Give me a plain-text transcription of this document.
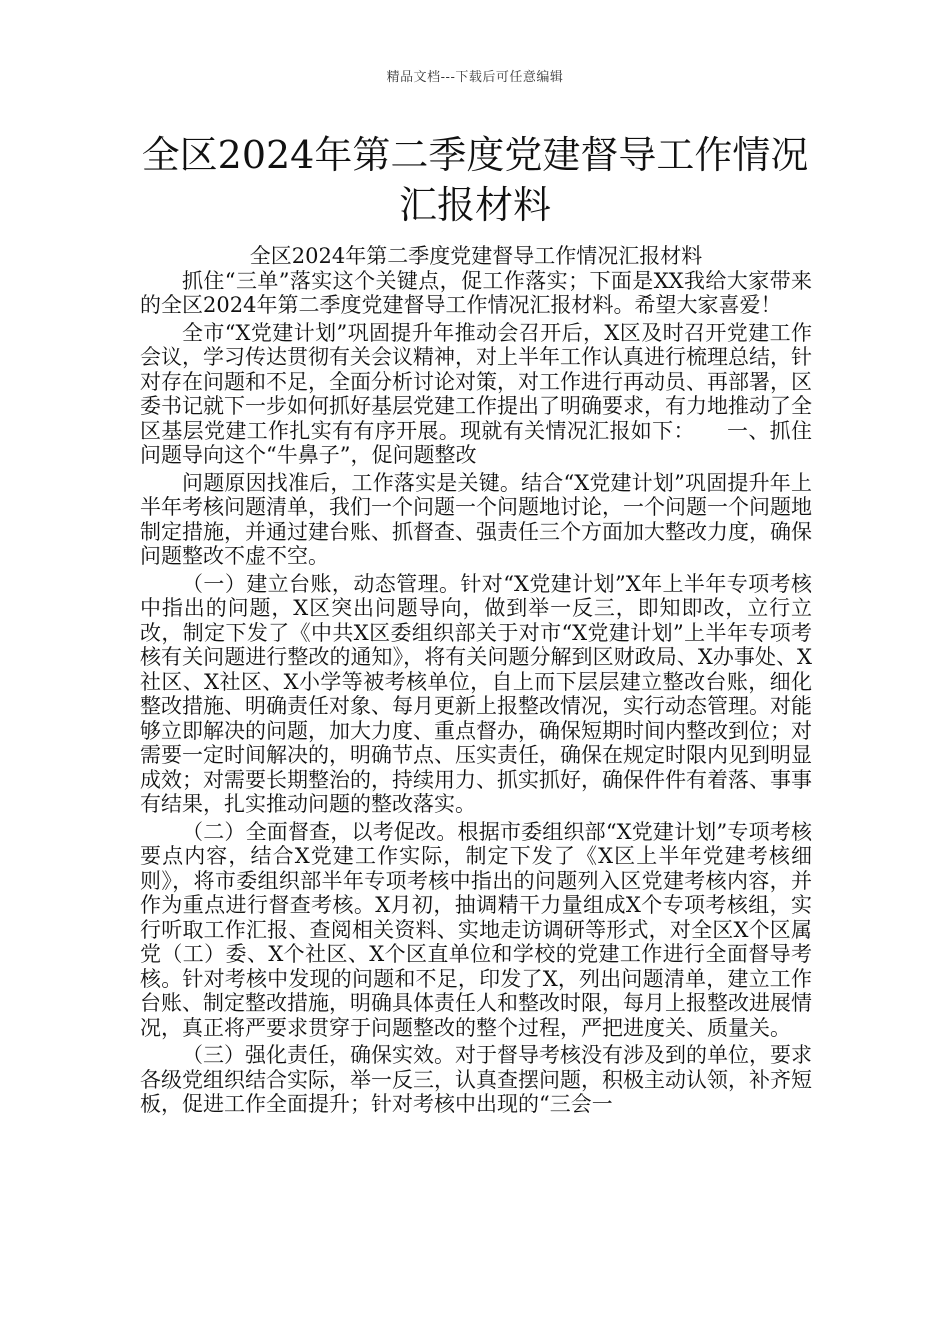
精品文档---下载后可任意编辑
全区2024年第二季度党建督导工作情况汇报材料

全区2024年第二季度党建督导工作情况汇报材料

抓住“三单”落实这个关键点，促工作落实；下面是XX我给大家带来的全区2024年第二季度党建督导工作情况汇报材料。希望大家喜爱！

全市“X党建计划”巩固提升年推动会召开后，X区及时召开党建工作会议，学习传达贯彻有关会议精神，对上半年工作认真进行梳理总结，针对存在问题和不足，全面分析讨论对策，对工作进行再动员、再部署，区委书记就下一步如何抓好基层党建工作提出了明确要求，有力地推动了全区基层党建工作扎实有有序开展。现就有关情况汇报如下：　　一、抓住问题导向这个“牛鼻子”，促问题整改

问题原因找准后，工作落实是关键。结合“X党建计划”巩固提升年上半年考核问题清单，我们一个问题一个问题地讨论，一个问题一个问题地制定措施，并通过建台账、抓督查、强责任三个方面加大整改力度，确保问题整改不虚不空。

（一）建立台账，动态管理。针对“X党建计划”X年上半年专项考核中指出的问题，X区突出问题导向，做到举一反三，即知即改，立行立改，制定下发了《中共X区委组织部关于对市“X党建计划”上半年专项考核有关问题进行整改的通知》，将有关问题分解到区财政局、X办事处、X社区、X社区、X小学等被考核单位，自上而下层层建立整改台账，细化整改措施、明确责任对象、每月更新上报整改情况，实行动态管理。对能够立即解决的问题，加大力度、重点督办，确保短期时间内整改到位；对需要一定时间解决的，明确节点、压实责任，确保在规定时限内见到明显成效；对需要长期整治的，持续用力、抓实抓好，确保件件有着落、事事有结果，扎实推动问题的整改落实。

（二）全面督查，以考促改。根据市委组织部“X党建计划”专项考核要点内容，结合X党建工作实际，制定下发了《X区上半年党建考核细则》，将市委组织部半年专项考核中指出的问题列入区党建考核内容，并作为重点进行督查考核。X月初，抽调精干力量组成X个专项考核组，实行听取工作汇报、查阅相关资料、实地走访调研等形式，对全区X个区属党（工）委、X个社区、X个区直单位和学校的党建工作进行全面督导考核。针对考核中发现的问题和不足，印发了X，列出问题清单，建立工作台账、制定整改措施，明确具体责任人和整改时限，每月上报整改进展情况，真正将严要求贯穿于问题整改的整个过程，严把进度关、质量关。

（三）强化责任，确保实效。对于督导考核没有涉及到的单位，要求各级党组织结合实际，举一反三，认真查摆问题，积极主动认领，补齐短板，促进工作全面提升；针对考核中出现的“三会一
